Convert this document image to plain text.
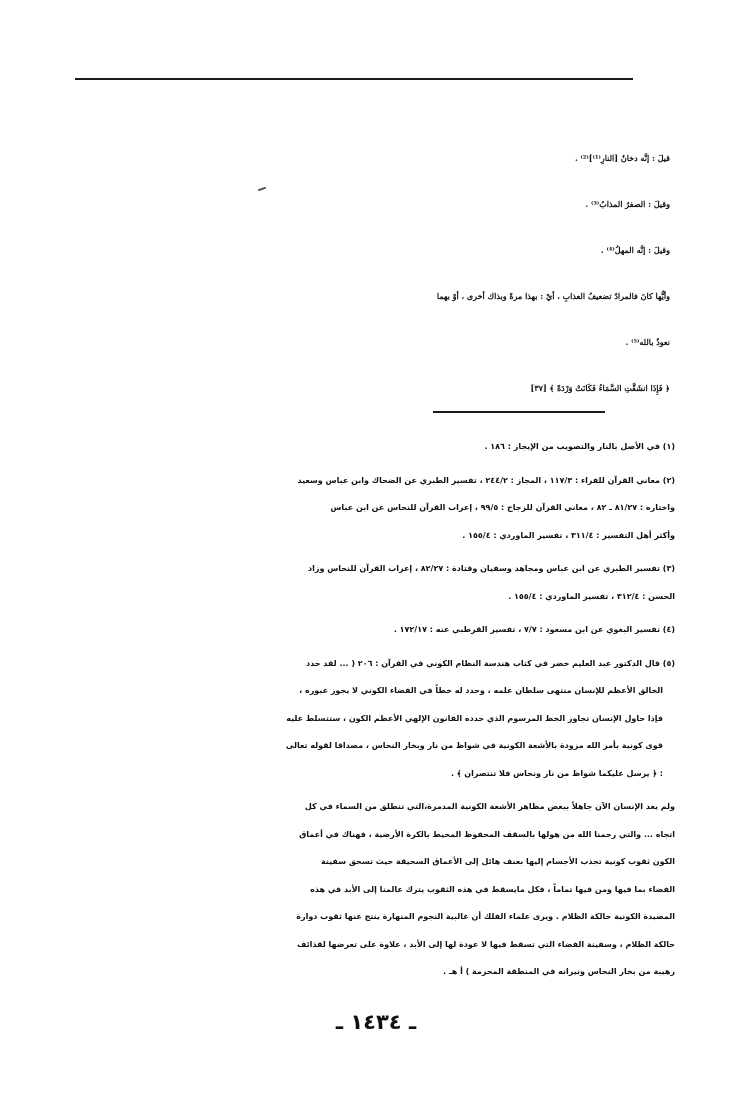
قيلَ : إنَّه دخانُ [النارِ⁽¹⁾]⁽²⁾ .
وقيلَ : الصفرُ المذابُ⁽³⁾ .
وقيلَ : إنَّه المهلُ⁽⁴⁾ .
وأيُّها كانَ فالمرادُ تضعيفُ العذابِ ، أيْ : بهذا مرةً وبذاك أخرى ، أوْ بهما
نعوذُ بالله⁽⁵⁾ .
﴿ فَإِذَا انشَقَّتِ السَّمَاءُ فَكَانَتْ وَرْدَةً ﴾ [٣٧]
(١) في الأصل بالنار والتصويب من الإيجاز : ١٨٦ .
(٢) معاني القرآن للفراء : ١١٧/٣ ، المجاز : ٢٤٤/٢ ، تفسير الطبري عن الضحاك وابن عباس وسعيد
واختاره : ٨١/٢٧ ـ ٨٢ ، معاني القرآن للزجاج : ٩٩/٥ ، إعراب القرآن للنحاس عن ابن عباس
وأكثر أهل التفسير : ٣١١/٤ ، تفسير الماوردي : ١٥٥/٤ .
(٣) تفسير الطبري عن ابن عباس ومجاهد وسفيان وقتادة : ٨٢/٢٧ ، إعراب القرآن للنحاس وزاد
الحسن : ٣١٢/٤ ، تفسير الماوردي : ١٥٥/٤ .
(٤) تفسير البغوي عن ابن مسعود : ٧/٧ ، تفسير القرطبي عنه : ١٧٢/١٧ .
(٥) قال الدكتور عبد العليم خضر في كتاب هندسة النظام الكوني في القرآن : ٢٠٦ ( ... لقد حدد
الخالق الأعظم للإنسان منتهى سلطان علمه ، وحدد له خطاً في الفضاء الكوني لا يجوز عبوره ،
فإذا حاول الإنسان تجاوز الخط المرسوم الذي حدده القانون الإلهي الأعظم الكون ، ستتسلط عليه
قوى كونية بأمر الله مزودة بالأشعة الكونية في شواظ من نار وبخار النحاس ، مصداقا لقوله تعالى
: ﴿ يرسل عليكما شواظ من نار ونحاس فلا تنتصران ﴾ .
ولم يعد الإنسان الآن جاهلاً ببعض مظاهر الأشعة الكونية المدمرة،التي تنطلق من السماء في كل
اتجاه ... والتي رحمنا الله من هولها بالسقف المحفوظ المحيط بالكرة الأرضية ، فهناك في أعماق
الكون ثقوب كونية تجذب الأجسام إليها بعنف هائل إلى الأعماق السحيقة حيث تسحق سفينة
الفضاء بما فيها ومن فيها تماماً ، فكل مايسقط في هذه الثقوب يترك عالمنا إلى الأبد في هذه
المصيدة الكونية حالكة الظلام . ويرى علماء الفلك أن غالبية النجوم المنهارة ينتج عنها ثقوب دوارة
حالكة الظلام ، وسفينة الفضاء التي تسقط فيها لا عودة لها إلى الأبد ، علاوة على تعرضها لقذائف
رهيبة من بخار النحاس ونيرانه في المنطقة المحرمة ) أ هـ .
ـ ١٤٣٤ ـ
